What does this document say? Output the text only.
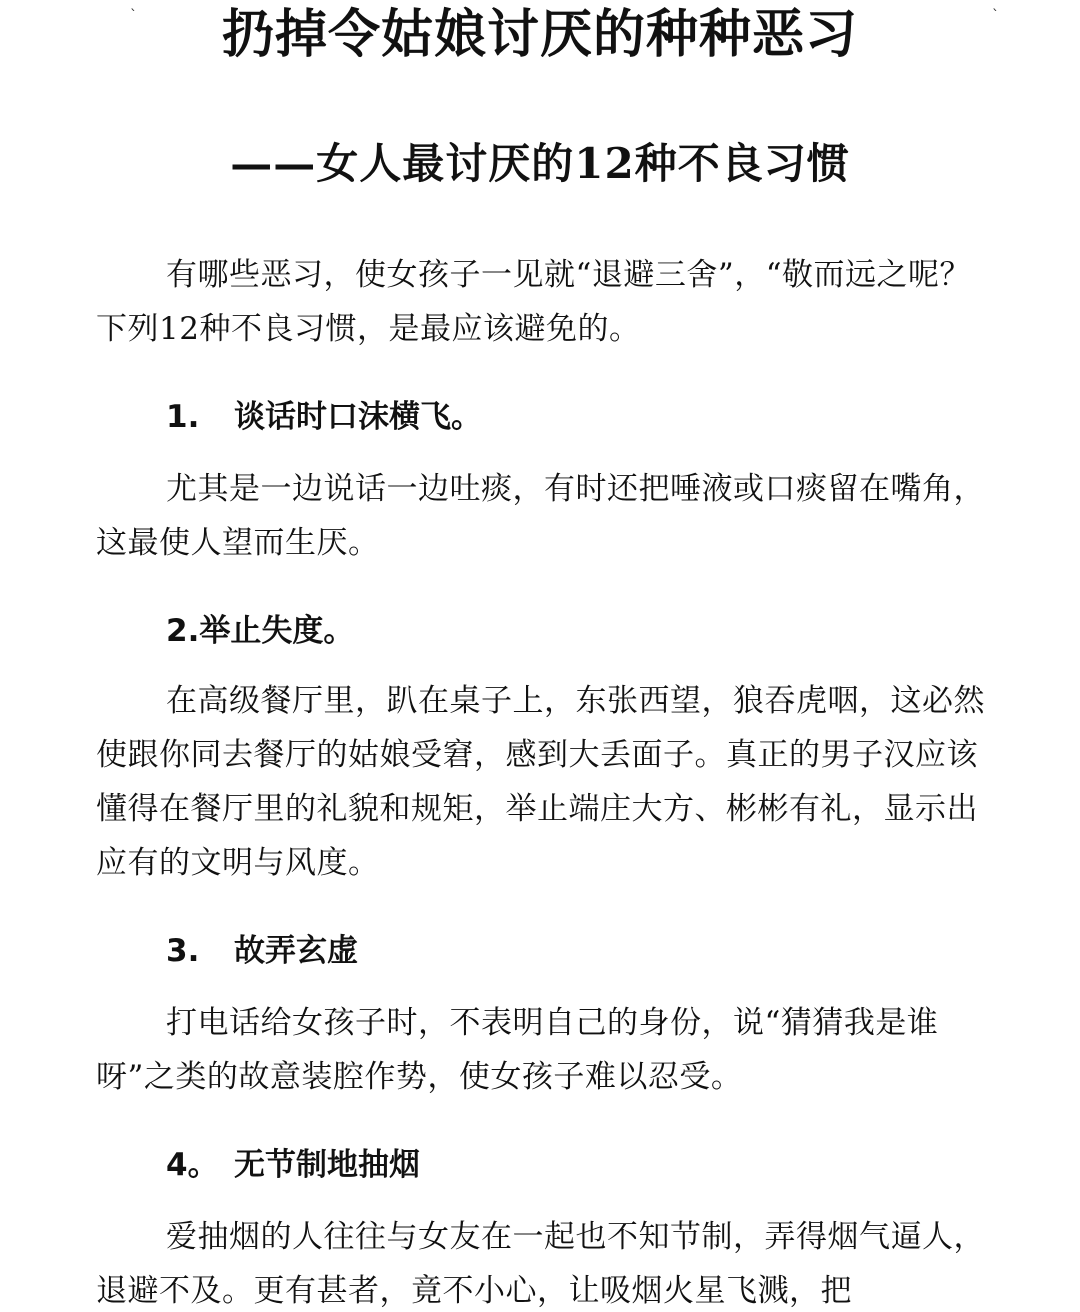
ˋ	ˋ
扔掉令姑娘讨厌的种种恶习
——女人最讨厌的12种不良习惯

有哪些恶习，使女孩子一见就“退避三舍”，“敬而远之呢？下列12种不良习惯，是最应该避免的。

1. 谈话时口沫横飞。

尤其是一边说话一边吐痰，有时还把唾液或口痰留在嘴角，这最使人望而生厌。

2.举止失度。

在高级餐厅里，趴在桌子上，东张西望，狼吞虎咽，这必然使跟你同去餐厅的姑娘受窘，感到大丢面子。真正的男子汉应该懂得在餐厅里的礼貌和规矩，举止端庄大方、彬彬有礼，显示出应有的文明与风度。

3. 故弄玄虚

打电话给女孩子时，不表明自己的身份，说“猜猜我是谁呀”之类的故意装腔作势，使女孩子难以忍受。

4。 无节制地抽烟

爱抽烟的人往往与女友在一起也不知节制，弄得烟气逼人，退避不及。更有甚者，竟不小心，让吸烟火星飞溅，把
